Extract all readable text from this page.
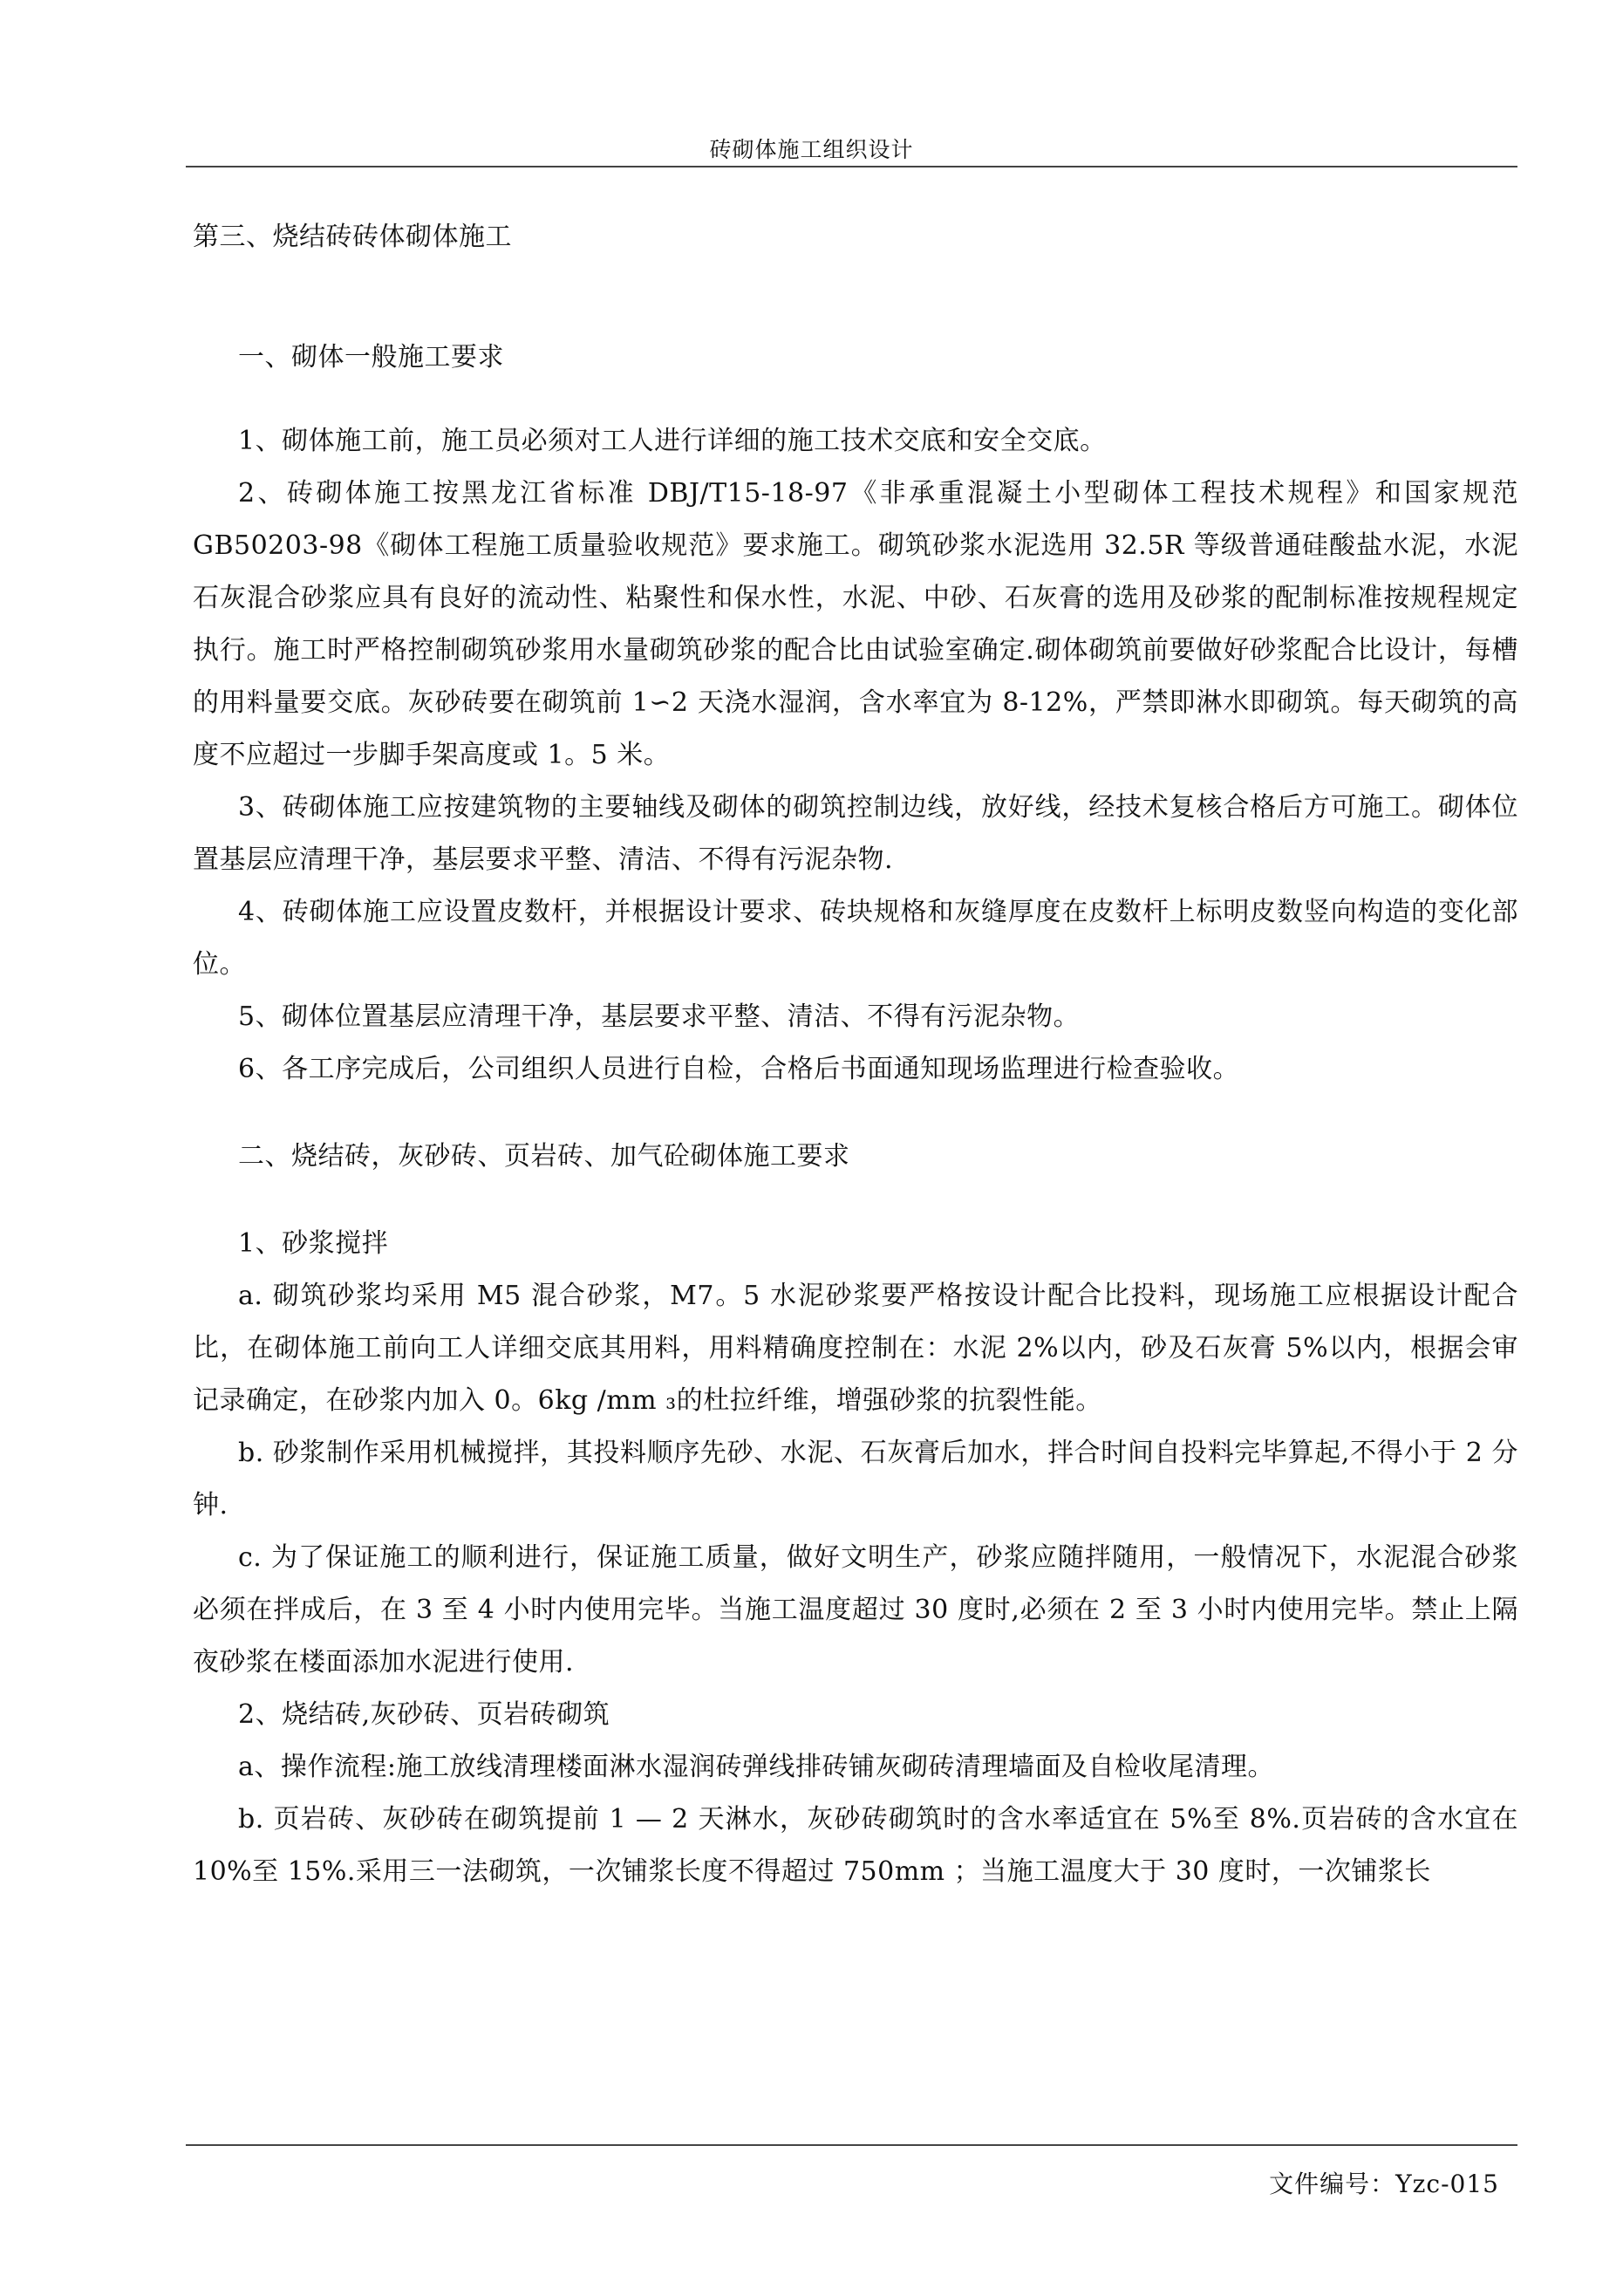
砖砌体施工组织设计

第三、烧结砖砖体砌体施工

一、砌体一般施工要求

1、砌体施工前，施工员必须对工人进行详细的施工技术交底和安全交底。

2、砖砌体施工按黑龙江省标准 DBJ/T15-18-97《非承重混凝土小型砌体工程技术规程》和国家规范 GB50203-98《砌体工程施工质量验收规范》要求施工。砌筑砂浆水泥选用 32.5R 等级普通硅酸盐水泥，水泥石灰混合砂浆应具有良好的流动性、粘聚性和保水性，水泥、中砂、石灰膏的选用及砂浆的配制标准按规程规定执行。施工时严格控制砌筑砂浆用水量砌筑砂浆的配合比由试验室确定.砌体砌筑前要做好砂浆配合比设计，每槽的用料量要交底。灰砂砖要在砌筑前 1∽2 天浇水湿润，含水率宜为 8-12%，严禁即淋水即砌筑。每天砌筑的高度不应超过一步脚手架高度或 1。5 米。

3、砖砌体施工应按建筑物的主要轴线及砌体的砌筑控制边线，放好线，经技术复核合格后方可施工。砌体位置基层应清理干净，基层要求平整、清洁、不得有污泥杂物.

4、砖砌体施工应设置皮数杆，并根据设计要求、砖块规格和灰缝厚度在皮数杆上标明皮数竖向构造的变化部位。

5、砌体位置基层应清理干净，基层要求平整、清洁、不得有污泥杂物。

6、各工序完成后，公司组织人员进行自检，合格后书面通知现场监理进行检查验收。

二、烧结砖，灰砂砖、页岩砖、加气砼砌体施工要求

1、砂浆搅拌

a. 砌筑砂浆均采用 M5 混合砂浆，M7。5 水泥砂浆要严格按设计配合比投料，现场施工应根据设计配合比，在砌体施工前向工人详细交底其用料，用料精确度控制在：水泥 2%以内，砂及石灰膏 5%以内，根据会审记录确定，在砂浆内加入 0。6kg /mm ₃的杜拉纤维，增强砂浆的抗裂性能。

b. 砂浆制作采用机械搅拌，其投料顺序先砂、水泥、石灰膏后加水，拌合时间自投料完毕算起,不得小于 2 分钟.

c. 为了保证施工的顺利进行，保证施工质量，做好文明生产，砂浆应随拌随用，一般情况下，水泥混合砂浆必须在拌成后，在 3 至 4 小时内使用完毕。当施工温度超过 30 度时,必须在 2 至 3 小时内使用完毕。禁止上隔夜砂浆在楼面添加水泥进行使用.

2、烧结砖,灰砂砖、页岩砖砌筑

a、操作流程:施工放线清理楼面淋水湿润砖弹线排砖铺灰砌砖清理墙面及自检收尾清理。

b. 页岩砖、灰砂砖在砌筑提前 1 — 2 天淋水，灰砂砖砌筑时的含水率适宜在 5%至 8%.页岩砖的含水宜在 10%至 15%.采用三一法砌筑，一次铺浆长度不得超过 750mm ；当施工温度大于 30 度时，一次铺浆长

文件编号：Yzc-015
